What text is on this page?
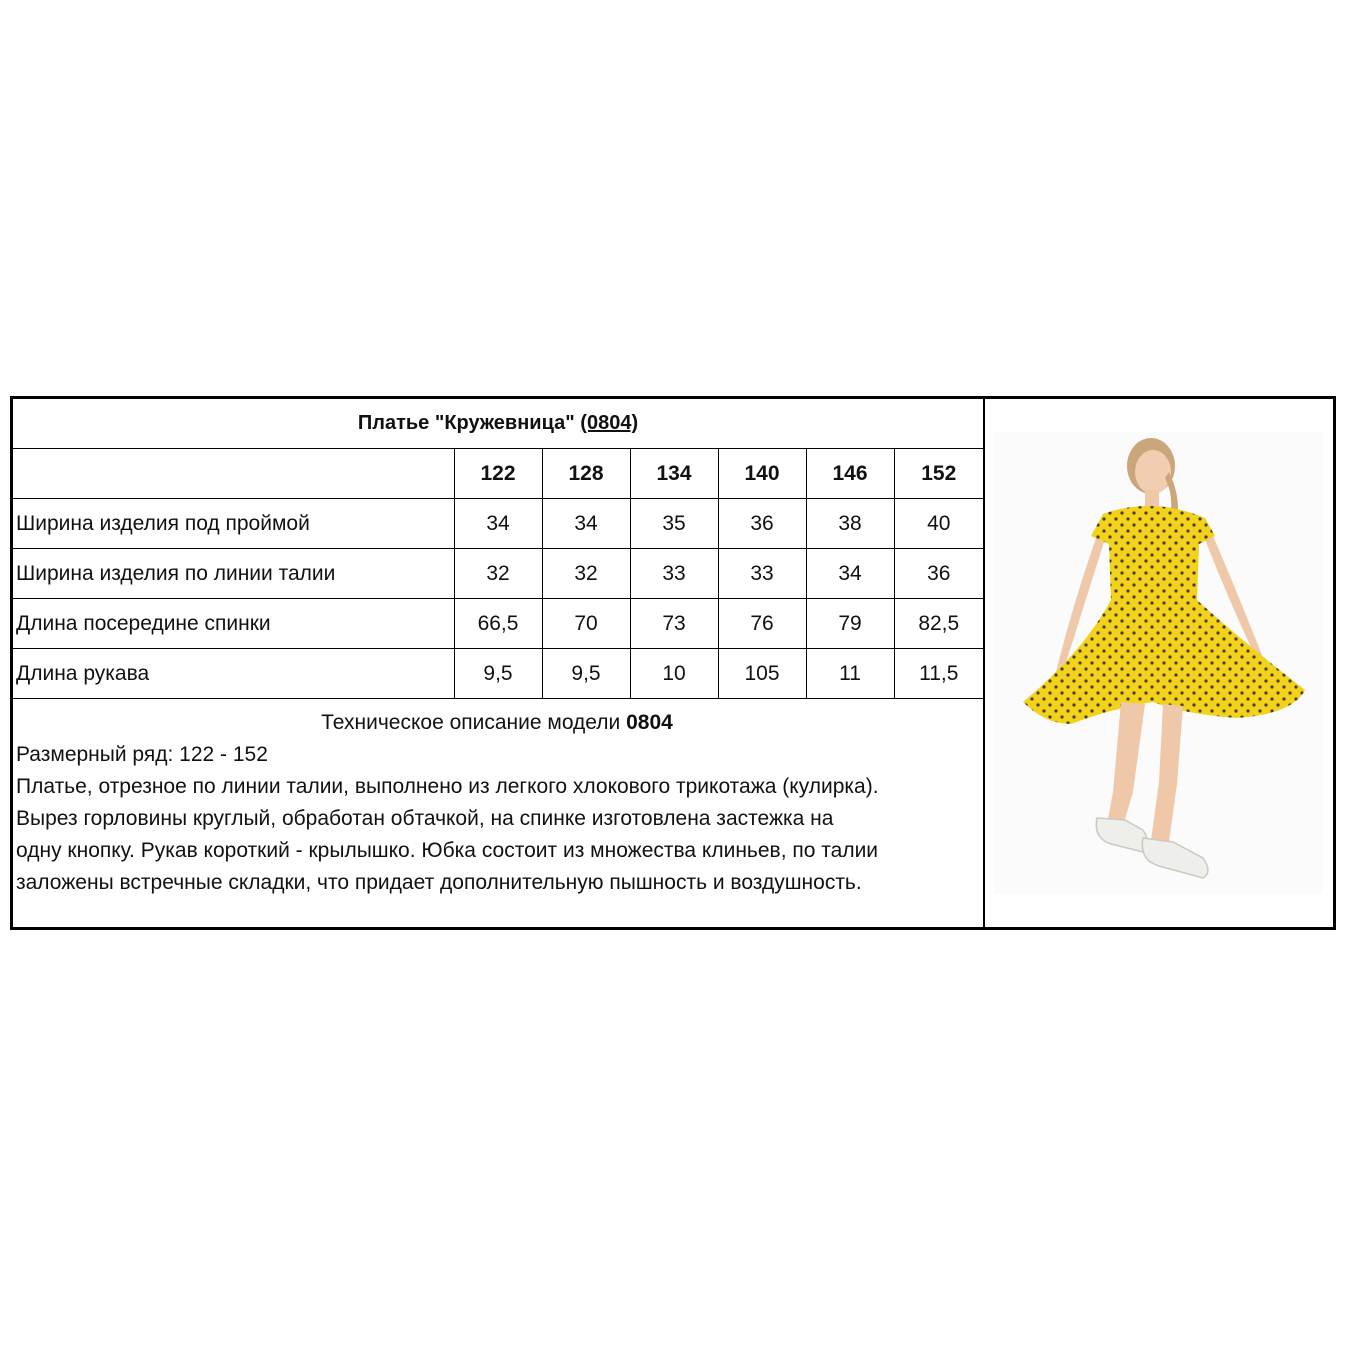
Платье "Кружевница" (0804)						
	122	128	134	140	146	152
Ширина изделия под проймой	34	34	35	36	38	40
Ширина изделия по линии талии	32	32	33	33	34	36
Длина посередине спинки	66,5	70	73	76	79	82,5
Длина рукава	9,5	9,5	10	105	11	11,5

Техническое описание модели 0804

Размерный ряд: 122 - 152

Платье, отрезное по линии талии, выполнено из легкого хлокового трикотажа (кулирка).

Вырез горловины круглый, обработан обтачкой, на спинке изготовлена застежка на

одну кнопку. Рукав короткий - крылышко. Юбка состоит из множества клиньев, по талии

заложены встречные складки, что придает дополнительную пышность и воздушность.
